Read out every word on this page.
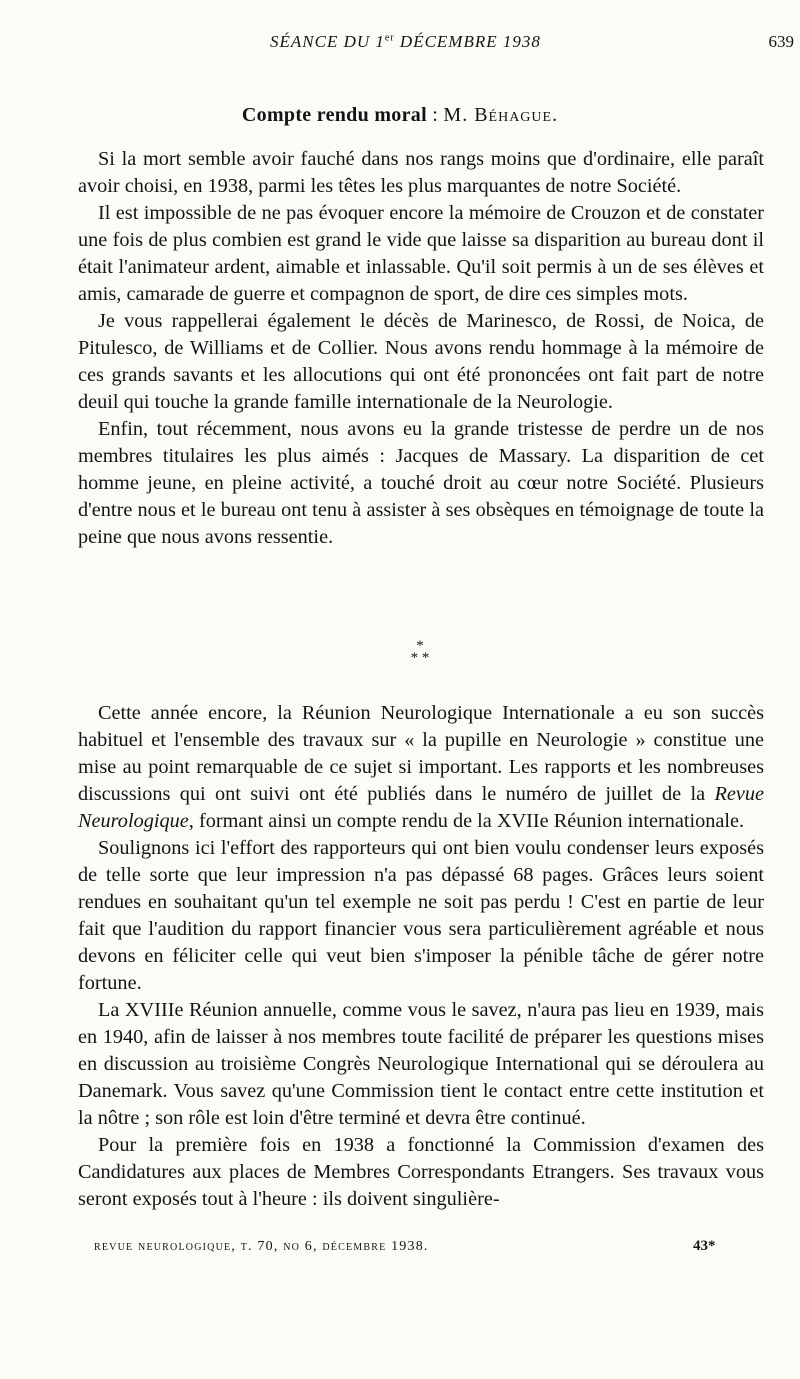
SÉANCE DU 1er DÉCEMBRE 1938	639
Compte rendu moral : M. Béhague.

Si la mort semble avoir fauché dans nos rangs moins que d'ordinaire, elle paraît avoir choisi, en 1938, parmi les têtes les plus marquantes de notre Société.

Il est impossible de ne pas évoquer encore la mémoire de Crouzon et de constater une fois de plus combien est grand le vide que laisse sa disparition au bureau dont il était l'animateur ardent, aimable et inlassable. Qu'il soit permis à un de ses élèves et amis, camarade de guerre et compagnon de sport, de dire ces simples mots.

Je vous rappellerai également le décès de Marinesco, de Rossi, de Noica, de Pitulesco, de Williams et de Collier. Nous avons rendu hommage à la mémoire de ces grands savants et les allocutions qui ont été prononcées ont fait part de notre deuil qui touche la grande famille internationale de la Neurologie.

Enfin, tout récemment, nous avons eu la grande tristesse de perdre un de nos membres titulaires les plus aimés : Jacques de Massary. La disparition de cet homme jeune, en pleine activité, a touché droit au cœur notre Société. Plusieurs d'entre nous et le bureau ont tenu à assister à ses obsèques en témoignage de toute la peine que nous avons ressentie.

*
* *

Cette année encore, la Réunion Neurologique Internationale a eu son succès habituel et l'ensemble des travaux sur « la pupille en Neurologie » constitue une mise au point remarquable de ce sujet si important. Les rapports et les nombreuses discussions qui ont suivi ont été publiés dans le numéro de juillet de la Revue Neurologique, formant ainsi un compte rendu de la XVIIe Réunion internationale.

Soulignons ici l'effort des rapporteurs qui ont bien voulu condenser leurs exposés de telle sorte que leur impression n'a pas dépassé 68 pages. Grâces leurs soient rendues en souhaitant qu'un tel exemple ne soit pas perdu ! C'est en partie de leur fait que l'audition du rapport financier vous sera particulièrement agréable et nous devons en féliciter celle qui veut bien s'imposer la pénible tâche de gérer notre fortune.

La XVIIIe Réunion annuelle, comme vous le savez, n'aura pas lieu en 1939, mais en 1940, afin de laisser à nos membres toute facilité de préparer les questions mises en discussion au troisième Congrès Neurologique International qui se déroulera au Danemark. Vous savez qu'une Commission tient le contact entre cette institution et la nôtre ; son rôle est loin d'être terminé et devra être continué.

Pour la première fois en 1938 a fonctionné la Commission d'examen des Candidatures aux places de Membres Correspondants Etrangers. Ses travaux vous seront exposés tout à l'heure : ils doivent singulière-

revue neurologique, t. 70, no 6, décembre 1938.	43*
